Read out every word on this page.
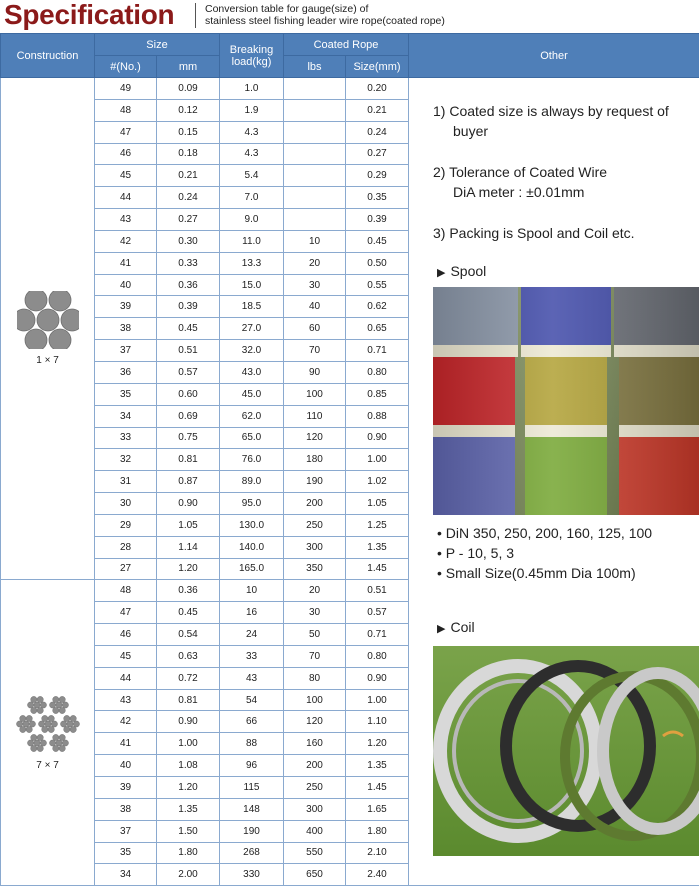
Specification	Conversion table for gauge(size) of
stainless steel fishing leader wire rope(coated rope)
Construction	Size		Breaking
load(kg)	Coated Rope		Other
	#(No.)	mm		lbs	Size(mm)	

1 × 7	49	0.09	1.0		0.20	
	48	0.12	1.9		0.21	
	47	0.15	4.3		0.24	
	46	0.18	4.3		0.27	
	45	0.21	5.4		0.29	
	44	0.24	7.0		0.35	
	43	0.27	9.0		0.39	
	42	0.30	11.0	10	0.45	
	41	0.33	13.3	20	0.50	
	40	0.36	15.0	30	0.55	
	39	0.39	18.5	40	0.62	
	38	0.45	27.0	60	0.65	
	37	0.51	32.0	70	0.71	
	36	0.57	43.0	90	0.80	
	35	0.60	45.0	100	0.85	
	34	0.69	62.0	110	0.88	
	33	0.75	65.0	120	0.90	
	32	0.81	76.0	180	1.00	
	31	0.87	89.0	190	1.02	
	30	0.90	95.0	200	1.05	
	29	1.05	130.0	250	1.25	
	28	1.14	140.0	300	1.35	
	27	1.20	165.0	350	1.45	

7 × 7	48	0.36	10	20	0.51	
	47	0.45	16	30	0.57	
	46	0.54	24	50	0.71	
	45	0.63	33	70	0.80	
	44	0.72	43	80	0.90	
	43	0.81	54	100	1.00	
	42	0.90	66	120	1.10	
	41	1.00	88	160	1.20	
	40	1.08	96	200	1.35	
	39	1.20	115	250	1.45	
	38	1.35	148	300	1.65	
	37	1.50	190	400	1.80	
	35	1.80	268	550	2.10	
	34	2.00	330	650	2.40	
1) Coated size is always by request of
buyer
2) Tolerance of Coated Wire
DiA meter : ±0.01mm
3) Packing is Spool and Coil etc.
▶ Spool
• DiN 350, 250, 200, 160, 125, 100
• P - 10, 5, 3
• Small Size(0.45mm Dia 100m)
▶ Coil
